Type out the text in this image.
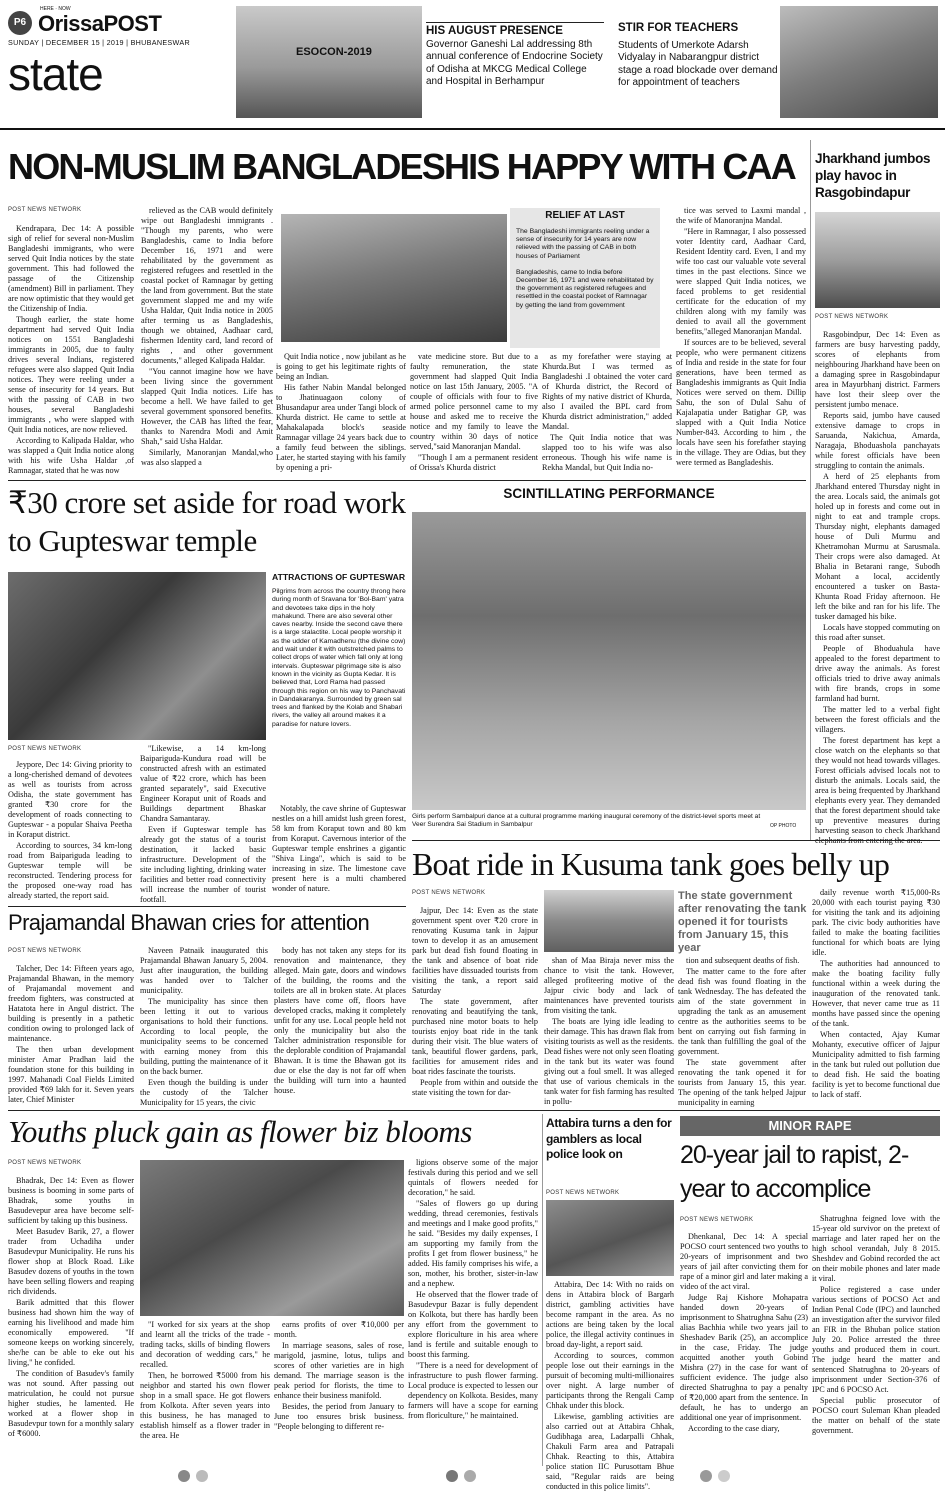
P6
HERE · NOW
OrissaPOST
SUNDAY | DECEMBER 15 | 2019 | BHUBANESWAR
state	ESOCON-2019
HIS AUGUST PRESENCE
Governor Ganeshi Lal addressing 8th annual conference of Endocrine Society of Odisha at MKCG Medical College and Hospital in Berhampur
STIR FOR TEACHERS
Students of Umerkote Adarsh Vidyalay in Nabarangpur district stage a road blockade over demand for appointment of teachers
NON-MUSLIM BANGLADESHIS HAPPY WITH CAA
POST NEWS NETWORK

Kendrapara, Dec 14: A possible sigh of relief for several non-Muslim Bangladeshi immigrants, who were served Quit India notices by the state government. This had followed the passage of the Citizenship (amendment) Bill in parliament. They are now optimistic that they would get the Citizenship of India.

Though earlier, the state home department had served Quit India notices on 1551 Bangladeshi immigrants in 2005, due to faulty drives several Indians, registered refugees were also slapped Quit India notices. They were reeling under a sense of insecurity for 14 years. But with the passing of CAB in two houses, several Bangladeshi immigrants , who were slapped with Quit India notices, are now relieved.

According to Kalipada Haldar, who was slapped a Quit India notice along with his wife Usha Haldar ,of Ramnagar, stated that he was now

relieved as the CAB would definitely wipe out Bangladeshi immigrants . "Though my parents, who were Bangladeshis, came to India before December 16, 1971 and were rehabilitated by the government as registered refugees and resettled in the coastal pocket of Ramnagar by getting the land from government. But the state government slapped me and my wife Usha Haldar, Quit India notice in 2005 after terming us as Bangladeshis, though we obtained, Aadhaar card, fishermen Identity card, land record of rights , and other government documents," alleged Kalipada Haldar.

"You cannot imagine how we have been living since the government slapped Quit India notices. Life has become a hell. We have failed to get several government sponsored benefits. However, the CAB has lifted the fear, thanks to Narendra Modi and Amit Shah," said Usha Haldar.

Similarly, Manoranjan Mandal,who was also slapped a

RELIEF AT LAST
The Bangladeshi immigrants reeling under a sense of insecurity for 14 years are now relieved with the passing of CAB in both houses of Parliament
Bangladeshis, came to India before December 16, 1971 and were rehabilitated by the government as registered refugees and resettled in the coastal pocket of Ramnagar by getting the land from government

Quit India notice , now jubilant as he is going to get his legitimate rights of being an Indian.

His father Nabin Mandal belonged to Jhatinuagaon colony of Bhusandapur area under Tangi block of Khurda district. He came to settle at Mahakalapada block's seaside Ramnagar village 24 years back due to a family feud between the siblings. Later, he started staying with his family by opening a pri-

vate medicine store. But due to a faulty remuneration, the state government had slapped Quit India notice on last 15th January, 2005. "A couple of officials with four to five armed police personnel came to my house and asked me to receive the notice and my family to leave the country within 30 days of notice served,"said Manoranjan Mandal.

"Though I am a permanent resident of Orissa's Khurda district

as my forefather were staying at Khurda.But I was termed as Bangladeshi .I obtained the voter card of Khurda district, the Record of Rights of my native district of Khurda, also I availed the BPL card from Khurda district administration," added Mandal.

The Quit India notice that was slapped too to his wife was also erroneous. Though his wife name is Rekha Mandal, but Quit India no-

tice was served to Laxmi mandal , the wife of Manoranjna Mandal.

"Here in Ramnagar, I also possessed voter Identity card, Aadhaar Card, Resident Identity card. Even, I and my wife too cast our valuable vote several times in the past elections. Since we were slapped Quit India notices, we faced problems to get residential certificate for the education of my children along with my family was denied to avail all the government benefits,"alleged Manoranjan Mandal.

If sources are to be believed, several people, who were permanent citizens of India and reside in the state for four generations, have been termed as Bangladeshis immigrants as Quit India Notices were served on them. Dillip Sahu, the son of Dulal Sahu of Kajalapatia under Batighar GP, was slapped with a Quit India Notice Number-843. According to him , the locals have seen his forefather staying in the village. They are Odias, but they were termed as Bangladeshis.

Jharkhand jumbos play havoc in Rasgobindapur
POST NEWS NETWORK

Rasgobindpur, Dec 14: Even as farmers are busy harvesting paddy, scores of elephants from neighbouring Jharkhand have been on a damaging spree in Rasgobindapur area in Mayurbhanj district. Farmers have lost their sleep over the persistent jumbo menace.

Reports said, jumbo have caused extensive damage to crops in Saruanda, Nakichua, Amarda, Naragaja, Bhoduashola panchayats while forest officials have been struggling to contain the animals.

A herd of 25 elephants from Jharkhand entered Thursday night in the area. Locals said, the animals got holed up in forests and come out in night to eat and trample crops. Thursday night, elephants damaged house of Duli Murmu and Khetramohan Murmu at Sarusmala. Their crops were also damaged. At Bhalia in Betarani range, Subodh Mohant a local, accidently encountered a tusker on Basta-Khunta Road Friday afternoon. He left the bike and ran for his life. The tusker damaged his bike.

Locals have stopped commuting on this road after sunset.

People of Bhoduahula have appealed to the forest department to drive away the animals. As forest officials tried to drive away animals with fire brands, crops in some farmland had burnt.

The matter led to a verbal fight between the forest officials and the villagers.

The forest department has kept a close watch on the elephants so that they would not head towards villages. Forest officials advised locals not to disturb the animals. Locals said, the area is being frequented by Jharkhand elephants every year. They demanded that the forest department should take up preventive measures during harvesting season to check Jharkhand

₹30 crore set aside for road work to Gupteswar temple
ATTRACTIONS OF GUPTESWAR
Pilgrims from across the country throng here during month of Sravana for 'Bol-Bam' yatra and devotees take dips in the holy mahakund. There are also several other caves nearby. Inside the second cave there is a large stalactite. Local people worship it as the udder of Kamadhenu (the divine cow) and wait under it with outstretched palms to collect drops of water which fall only at long intervals. Gupteswar pilgrimage site is also known in the vicinity as Gupta Kedar. It is believed that, Lord Rama had passed through this region on his way to Panchavati in Dandakaranya. Surrounded by green sal trees and flanked by the Kolab and Shabari rivers, the valley all around makes it a paradise for nature lovers.
POST NEWS NETWORK

Jeypore, Dec 14: Giving priority to a long-cherished demand of devotees as well as tourists from across Odisha, the state government has granted ₹30 crore for the development of roads connecting to Gupteswar - a popular Shaiva Peetha in Koraput district.

According to sources, 34 km-long road from Baipariguda leading to Gupteswar temple will be reconstructed. Tendering process for the proposed one-way road has already started, the report said.

"Likewise, a 14 km-long Baipariguda-Kundura road will be constructed afresh with an estimated value of ₹22 crore, which has been granted separately", said Executive Engineer Koraput unit of Roads and Buildings department Bhaskar Chandra Samantaray.

Even if Gupteswar temple has already got the status of a tourist destination, it lacked basic infrastructure. Development of the site including lighting, drinking water facilities and better road connectivity will increase the number of tourist footfall.

Notably, the cave shrine of Gupteswar nestles on a hill amidst lush green forest, 58 km from Koraput town and 80 km from Koraput. Cavernous interior of the Gupteswar temple enshrines a gigantic "Shiva Linga", which is said to be increasing in size. The limestone cave present here is a multi chambered wonder of nature.

SCINTILLATING PERFORMANCE
Girls perform Sambalpuri dance at a cultural programme marking inaugural ceremony of the district-level sports meet at Veer Surendra Sai Stadium in Sambalpur	OP PHOTO
Prajamandal Bhawan cries for attention
POST NEWS NETWORK

Talcher, Dec 14: Fifteen years ago, Prajamandal Bhawan, in the memory of Prajamandal movement and freedom fighters, was constructed at Hatatota here in Angul district. The building is presently in a pathetic condition owing to prolonged lack of maintenance.

The then urban development minister Amar Pradhan laid the foundation stone for this building in 1997. Mahanadi Coal Fields Limited provided ₹69 lakh for it. Seven years later, Chief Minister

Naveen Patnaik inaugurated this Prajamandal Bhawan January 5, 2004. Just after inauguration, the building was handed over to Talcher municipality.

The municipality has since then been letting it out to various organisations to hold their functions. According to local people, the municipality seems to be concerned with earning money from this building, putting the maintenance of it on the back burner.

Even though the building is under the custody of the Talcher Municipality for 15 years, the civic

body has not taken any steps for its renovation and maintenance, they alleged. Main gate, doors and windows of the building, the rooms and the toilets are all in broken state. At places plasters have come off, floors have developed cracks, making it completely unfit for any use. Local people held not only the municipality but also the Talcher administration responsible for the deplorable condition of Prajamandal Bhawan. It is time the Bhawan got its due or else the day is not far off when the building will turn into a haunted house.

Boat ride in Kusuma tank goes belly up
POST NEWS NETWORK

Jajpur, Dec 14: Even as the state government spent over ₹20 crore in renovating Kusuma tank in Jajpur town to develop it as an amusement park but dead fish found floating in the tank and absence of boat ride facilities have dissuaded tourists from visiting the tank, a report said Saturday

The state government, after renovating and beautifying the tank, purchased nine motor boats to help tourists enjoy boat ride in the tank during their visit. The blue waters of tank, beautiful flower gardens, park, facilities for amusement rides and boat rides fascinate the tourists.

People from within and outside the state visiting the town for dar-

The state government after renovating the tank opened it for tourists from January 15, this year

shan of Maa Biraja never miss the chance to visit the tank. However, alleged profiteering motive of the Jajpur civic body and lack of maintenances have prevented tourists from visiting the tank.

The boats are lying idle leading to their damage. This has drawn flak from visiting tourists as well as the residents. Dead fishes were not only seen floating in the tank but its water was found giving out a foul smell. It was alleged that use of various chemicals in the tank water for fish farming has resulted in pollu-

tion and subsequent deaths of fish.

The matter came to the fore after dead fish was found floating in the tank Wednesday. The has defeated the aim of the state government in upgrading the tank as an amusement centre as the authorities seems to be bent on carrying out fish farming in the tank than fulfilling the goal of the government.

The state government after renovating the tank opened it for tourists from January 15, this year. The opening of the tank helped Jajpur municipality in earning

daily revenue worth ₹15,000-Rs 20,000 with each tourist paying ₹30 for visiting the tank and its adjoining park. The civic body authorities have failed to make the boating facilities functional for which boats are lying idle.

The authorities had announced to make the boating facility fully functional within a week during the inauguration of the renovated tank. However, that never came true as 11 months have passed since the opening of the tank.

When contacted, Ajay Kumar Mohanty, executive officer of Jajpur Municipality admitted to fish farming in the tank but ruled out pollution due to dead fish. He said the boating facility is yet to become functional due to lack of staff.

Youths pluck gain as flower biz blooms
POST NEWS NETWORK

Bhadrak, Dec 14: Even as flower business is booming in some parts of Bhadrak, some youths in Basudevepur area have become self-sufficient by taking up this business.

Meet Basudev Barik, 27, a flower trader from Uchadiha under Basudevpur Municipality. He runs his flower shop at Block Road. Like Basudev dozens of youths in the town have been selling flowers and reaping rich dividends.

Barik admitted that this flower business had shown him the way of earning his livelihood and made him economically empowered. "If someone keeps on working sincerely, she/he can be able to eke out his living," he confided.

The condition of Basudev's family was not sound. After passing out matriculation, he could not pursue higher studies, he lamented. He worked at a flower shop in Basudevpur town for a monthly salary of ₹6000.

"I worked for six years at the shop and learnt all the tricks of the trade - trading tacks, skills of binding flowers and decoration of wedding cars," he recalled.

Then, he borrowed ₹5000 from his neighbor and started his own flower shop in a small space. He got flowers from Kolkota. After seven years into this business, he has managed to establish himself as a flower trader in the area. He

earns profits of over ₹10,000 per month.

In marriage seasons, sales of rose, marigold, jasmine, lotus, tulips and scores of other varieties are in high demand. The marriage season is the peak period for florists, the time to enhance their business manifold.

Besides, the period from January to June too ensures brisk business. "People belonging to different re-

ligions observe some of the major festivals during this period and we sell quintals of flowers needed for decoration," he said.

"Sales of flowers go up during wedding, thread ceremonies, festivals and meetings and I make good profits," he said. "Besides my daily expenses, I am supporting my family from the profits I get from flower business," he added. His family comprises his wife, a son, mother, his brother, sister-in-law and a nephew.

He observed that the flower trade of Basudevpur Bazar is fully dependent on Kolkota, but there has hardly been any effort from the government to explore floriculture in his area where land is fertile and suitable enough to boost this farming.

"There is a need for development of infrastructure to push flower farming. Local produce is expected to lessen our dependency on Kolkota. Besides, many farmers will have a scope for earning from floriculture," he maintained.

Attabira turns a den for gamblers as local police look on
POST NEWS NETWORK

Attabira, Dec 14: With no raids on dens in Attabira block of Bargarh district, gambling activities have become rampant in the area. As no actions are being taken by the local police, the illegal activity continues in broad day-light, a report said.

According to sources, common people lose out their earnings in the pursuit of becoming multi-millionaires over night. A large number of participants throng the Rengali Camp Chhak under this block.

Likewise, gambling activities are also carried out at Attabira Chhak, Gudibhaga area, Ladarpalli Chhak, Chakuli Farm area and Patrapali Chhak. Reacting to this, Attabira police station IIC Purusottam Bhue said, "Regular raids are being conducted in this police limits".

MINOR RAPE
20-year jail to rapist, 2-year to accomplice
POST NEWS NETWORK

Dhenkanal, Dec 14: A special POCSO court sentenced two youths to 20-years of imprisonment and two years of jail after convicting them for rape of a minor girl and later making a video of the act viral.

Judge Raj Kishore Mohapatra handed down 20-years of imprisonment to Shatrughna Sahu (23) alias Bachhia while two years jail to Sheshadev Barik (25), an accomplice in the case, Friday. The judge acquitted another youth Gobind Mishra (27) in the case for want of sufficient evidence. The judge also directed Shatrughna to pay a penalty of ₹20,000 apart from the sentence. In default, he has to undergo an additional one year of imprisonment.

According to the case diary,

Shatrughna feigned love with the 15-year old survivor on the pretext of marriage and later raped her on the high school verandah, July 8 2015. Sheshdev and Gobind recorded the act on their mobile phones and later made it viral.

Police registered a case under various sections of POCSO Act and Indian Penal Code (IPC) and launched an investigation after the survivor filed an FIR in the Bhuban police station July 20. Police arrested the three youths and produced them in court. The judge heard the matter and sentenced Shatrughna to 20-years of imprisonment under Section-376 of IPC and 6 POCSO Act.

Special public prosecutor of POCSO court Suleman Khan pleaded the matter on behalf of the state government.
